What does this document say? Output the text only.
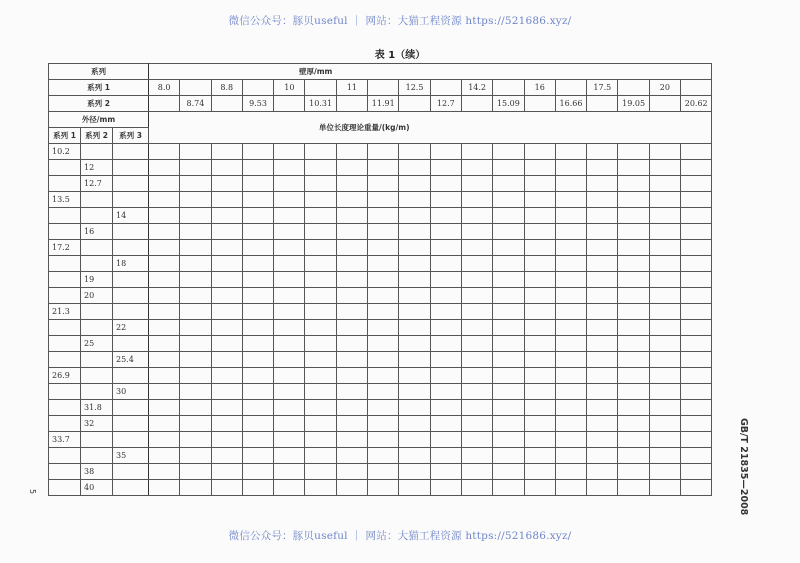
微信公众号：豚贝useful ｜ 网站：大猫工程资源 https://521686.xyz/
表 1（续）
系列			壁厚/mm																	
系列 1			8.0		8.8		10		11		12.5		14.2		16		17.5		20	
系列 2				8.74		9.53		10.31		11.91		12.7		15.09		16.66		19.05		20.62
外径/mm			单位长度理论重量/(kg/m)																	
系列 1	系列 2	系列 3																		
10.2																				
	12																			
	12.7																			
13.5																				
		14																		
	16																			
17.2																				
		18																		
	19																			
	20																			
21.3																				
		22																		
	25																			
		25.4																		
26.9																				
		30																		
	31.8																			
	32																			
33.7																				
		35																		
	38																			
	40																				GB/T 21835—2008
5
微信公众号：豚贝useful ｜ 网站：大猫工程资源 https://521686.xyz/
